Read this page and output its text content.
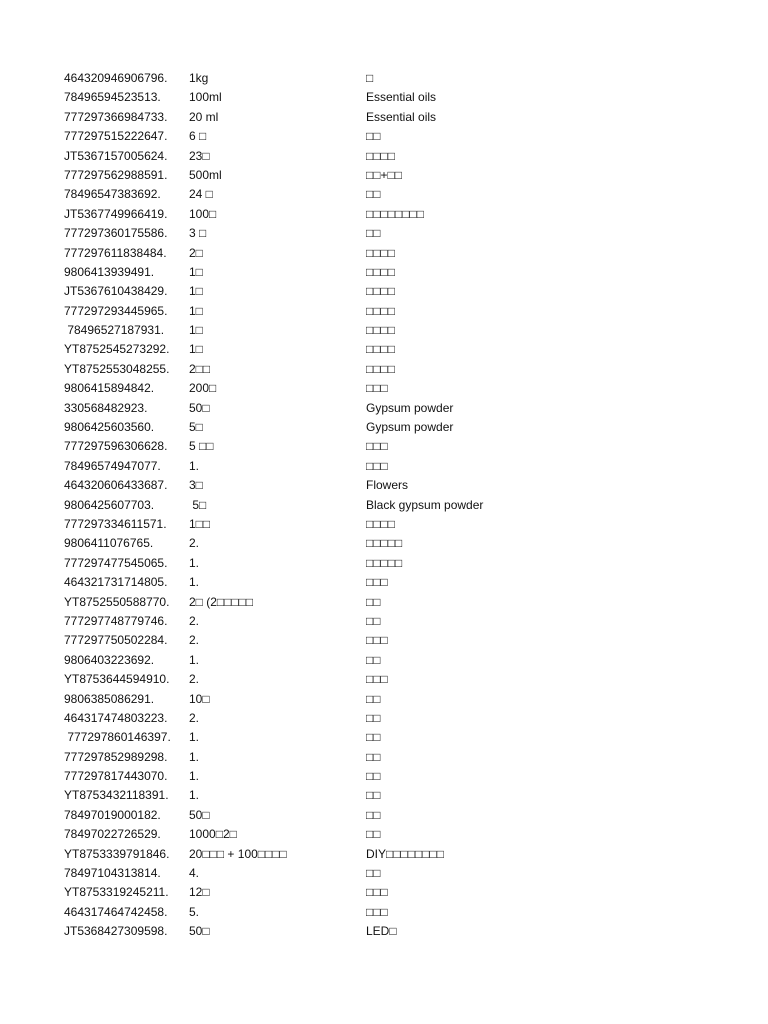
464320946906796. 1kg	□
78496594523513. 100ml	Essential oils
777297366984733. 20 ml	Essential oils
777297515222647. 6 □	□□
JT5367157005624. 23□	□□□□
777297562988591. 500ml	□□+□□
78496547383692. 24 □	□□
JT5367749966419. 100□	□□□□□□□□
777297360175586. 3 □	□□
777297611838484. 2□	□□□□
9806413939491.	1□	□□□□
JT5367610438429. 1□	□□□□
777297293445965. 1□	□□□□
78496527187931. 1□	□□□□
YT8752545273292. 1□	□□□□
YT8752553048255. 2□□	□□□□
9806415894842.	200□	□□□
330568482923.	50□	Gypsum powder
9806425603560.	5□	Gypsum powder
777297596306628. 5 □□	□□□
78496574947077. 1.	□□□
464320606433687. 3□	Flowers
9806425607703.	5□	Black gypsum powder
777297334611571. 1□□	□□□□
9806411076765.	2.	□□□□□
777297477545065. 1.	□□□□□
464321731714805. 1.	□□□
YT8752550588770. 2□ (2□□□□□	□□
777297748779746. 2.	□□
777297750502284. 2.	□□□
9806403223692.	1.	□□
YT8753644594910. 2.	□□□
9806385086291.	10□	□□
464317474803223. 2.	□□
777297860146397. 1.	□□
777297852989298. 1.	□□
777297817443070. 1.	□□
YT8753432118391. 1.	□□
78497019000182. 50□	□□
78497022726529. 1000□2□	□□
YT8753339791846. 20□□□ + 100□□□□	DIY□□□□□□□□
78497104313814. 4.	□□
YT8753319245211. 12□	□□□
464317464742458. 5.	□□□
JT5368427309598. 50□	LED□
